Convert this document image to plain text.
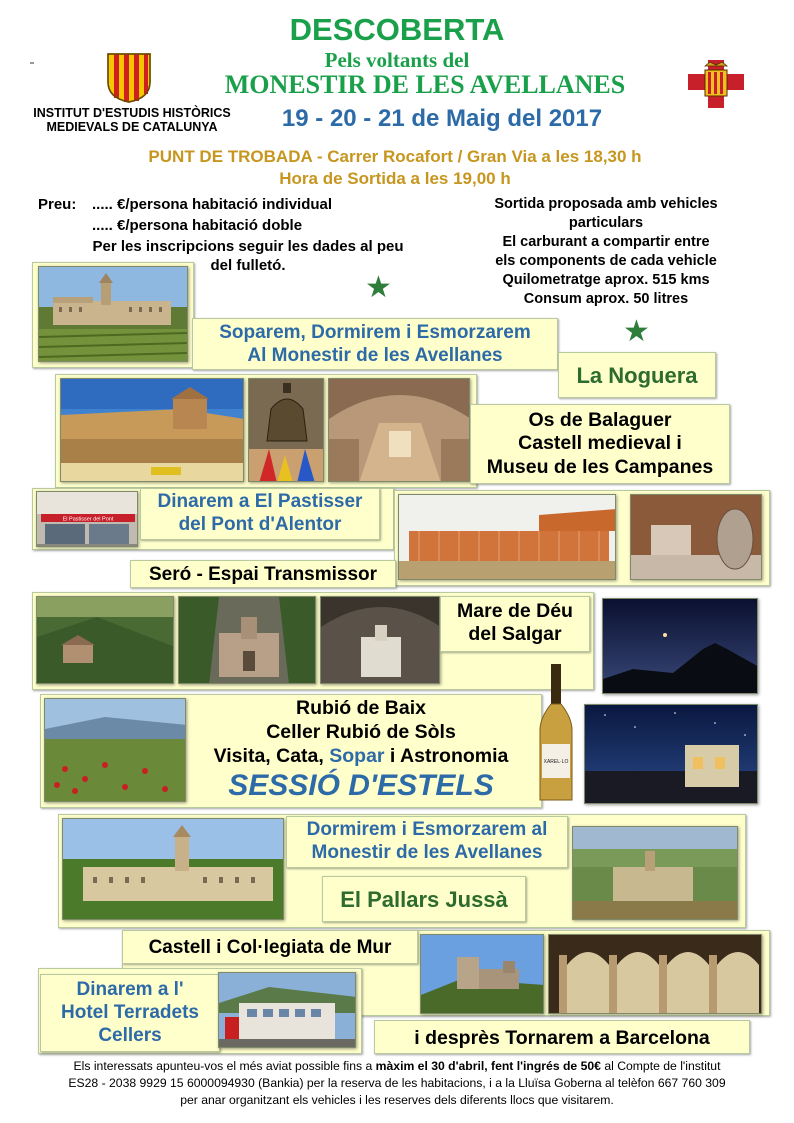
INSTITUT D'ESTUDIS HISTÒRICS
MEDIEVALS DE CATALUNYA
DESCOBERTA
Pels voltants del
MONESTIR DE LES AVELLANES
19 - 20 - 21 de Maig del 2017
PUNT DE TROBADA - Carrer Rocafort / Gran Via a les 18,30 h
Hora de Sortida a les 19,00 h
Preu: ..... €/persona habitació individual
..... €/persona habitació doble
Per les inscripcions seguir les dades al peu
del fulletó.
Sortida proposada amb vehicles
particulars
El carburant a compartir entre
els components de cada vehicle
Quilometratge aprox. 515 kms
Consum aprox. 50 litres
★
★
Soparem, Dormirem i Esmorzarem
Al Monestir de les Avellanes
La Noguera
Os de Balaguer
Castell medieval i
Museu de les Campanes
El Pastisser del Pont
Dinarem a El Pastisser
del Pont d'Alentor
Seró - Espai Transmissor
Mare de Déu
del Salgar
Rubió de Baix
Celler Rubió de Sòls
Visita, Cata, Sopar i Astronomia
SESSIÓ D'ESTELS
XAREL·LO
Dormirem i Esmorzarem al
Monestir de les Avellanes
El Pallars Jussà
Castell i Col·legiata de Mur
Dinarem a l'
Hotel Terradets
Cellers	i desprès Tornarem a Barcelona
Els interessats apunteu-vos el més aviat possible fins a màxim el 30 d'abril, fent l'ingrés de 50€ al Compte de l'institut
ES28 - 2038 9929 15 6000094930 (Bankia) per la reserva de les habitacions, i a la Lluïsa Goberna al telèfon 667 760 309
per anar organitzant els vehicles i les reserves dels diferents llocs que visitarem.
